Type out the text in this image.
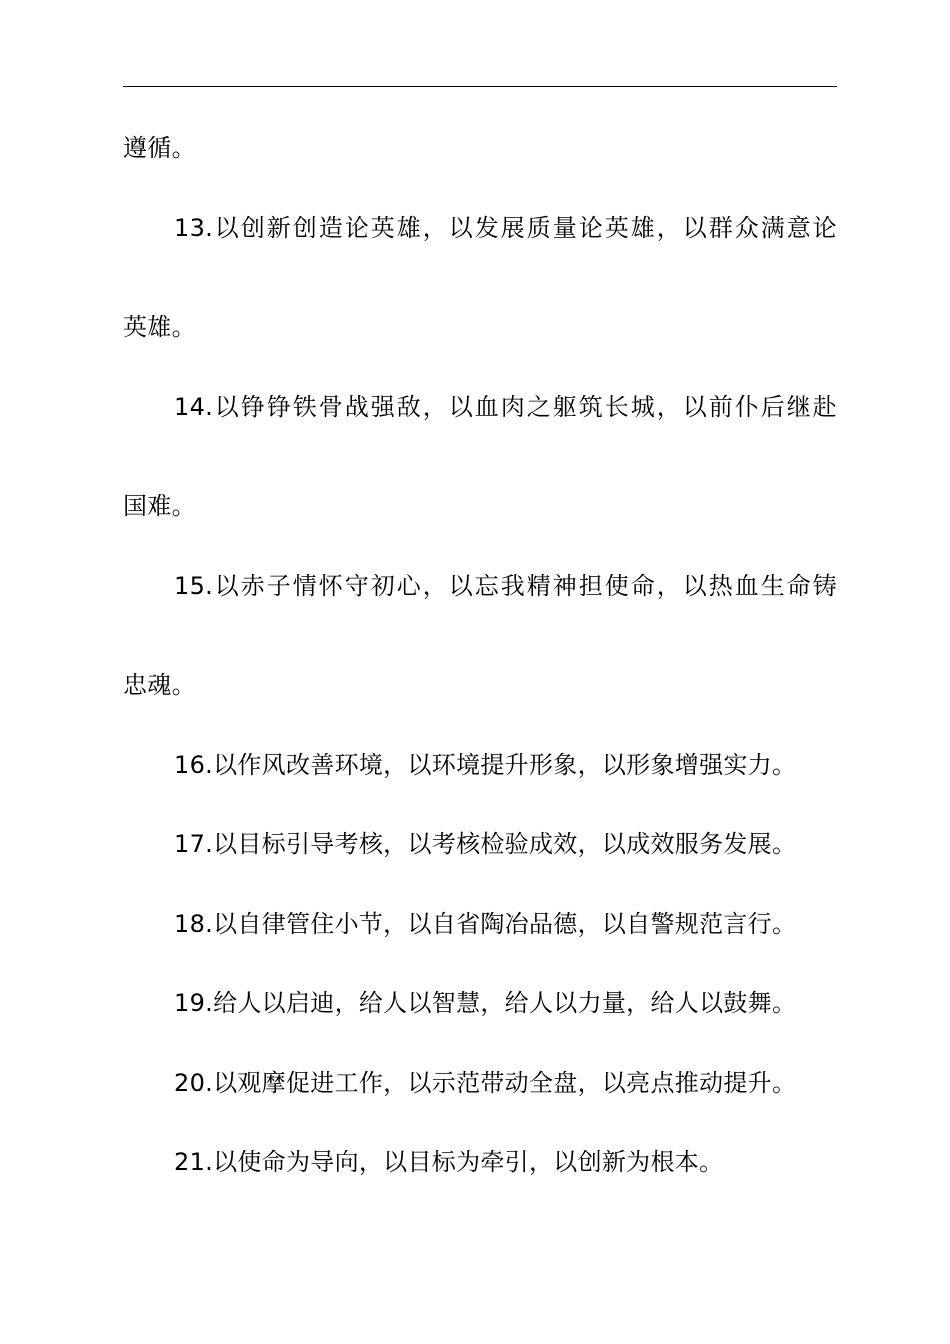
遵循。
13.以创新创造论英雄，以发展质量论英雄，以群众满意论
英雄。
14.以铮铮铁骨战强敌，以血肉之躯筑长城，以前仆后继赴
国难。
15.以赤子情怀守初心，以忘我精神担使命，以热血生命铸
忠魂。
16.以作风改善环境，以环境提升形象，以形象增强实力。
17.以目标引导考核，以考核检验成效，以成效服务发展。
18.以自律管住小节，以自省陶冶品德，以自警规范言行。
19.给人以启迪，给人以智慧，给人以力量，给人以鼓舞。
20.以观摩促进工作，以示范带动全盘，以亮点推动提升。
21.以使命为导向，以目标为牵引，以创新为根本。
